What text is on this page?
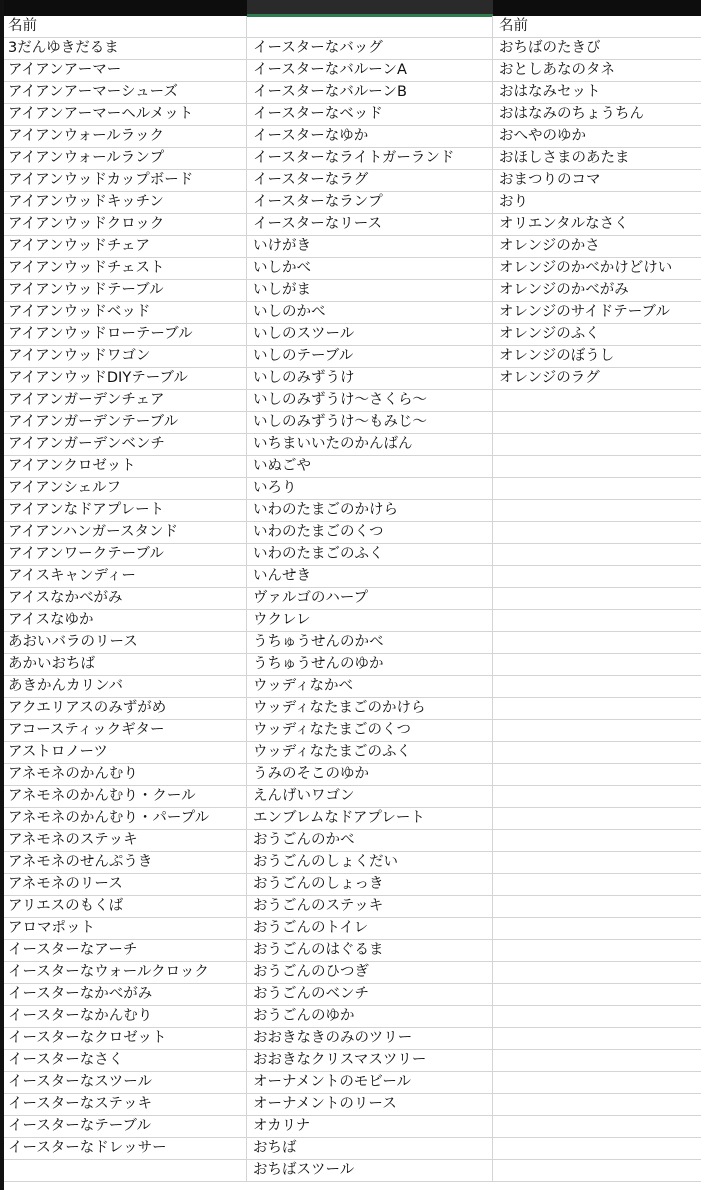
名前
3だんゆきだるま
アイアンアーマー
アイアンアーマーシューズ
アイアンアーマーヘルメット
アイアンウォールラック
アイアンウォールランプ
アイアンウッドカップボード
アイアンウッドキッチン
アイアンウッドクロック
アイアンウッドチェア
アイアンウッドチェスト
アイアンウッドテーブル
アイアンウッドベッド
アイアンウッドローテーブル
アイアンウッドワゴン
アイアンウッドDIYテーブル
アイアンガーデンチェア
アイアンガーデンテーブル
アイアンガーデンベンチ
アイアンクロゼット
アイアンシェルフ
アイアンなドアプレート
アイアンハンガースタンド
アイアンワークテーブル
アイスキャンディー
アイスなかべがみ
アイスなゆか
あおいバラのリース
あかいおちば
あきかんカリンバ
アクエリアスのみずがめ
アコースティックギター
アストロノーツ
アネモネのかんむり
アネモネのかんむり・クール
アネモネのかんむり・パープル
アネモネのステッキ
アネモネのせんぷうき
アネモネのリース
アリエスのもくば
アロマポット
イースターなアーチ
イースターなウォールクロック
イースターなかべがみ
イースターなかんむり
イースターなクロゼット
イースターなさく
イースターなスツール
イースターなステッキ
イースターなテーブル
イースターなドレッサー
イースターなバッグ
イースターなバルーンA
イースターなバルーンB
イースターなベッド
イースターなゆか
イースターなライトガーランド
イースターなラグ
イースターなランプ
イースターなリース
いけがき
いしかべ
いしがま
いしのかべ
いしのスツール
いしのテーブル
いしのみずうけ
いしのみずうけ～さくら～
いしのみずうけ～もみじ～
いちまいいたのかんばん
いぬごや
いろり
いわのたまごのかけら
いわのたまごのくつ
いわのたまごのふく
いんせき
ヴァルゴのハープ
ウクレレ
うちゅうせんのかべ
うちゅうせんのゆか
ウッディなかべ
ウッディなたまごのかけら
ウッディなたまごのくつ
ウッディなたまごのふく
うみのそこのゆか
えんげいワゴン
エンブレムなドアプレート
おうごんのかべ
おうごんのしょくだい
おうごんのしょっき
おうごんのステッキ
おうごんのトイレ
おうごんのはぐるま
おうごんのひつぎ
おうごんのベンチ
おうごんのゆか
おおきなきのみのツリー
おおきなクリスマスツリー
オーナメントのモビール
オーナメントのリース
オカリナ
おちば
おちばスツール
名前
おちばのたきび
おとしあなのタネ
おはなみセット
おはなみのちょうちん
おへやのゆか
おほしさまのあたま
おまつりのコマ
おり
オリエンタルなさく
オレンジのかさ
オレンジのかべかけどけい
オレンジのかべがみ
オレンジのサイドテーブル
オレンジのふく
オレンジのぼうし
オレンジのラグ
